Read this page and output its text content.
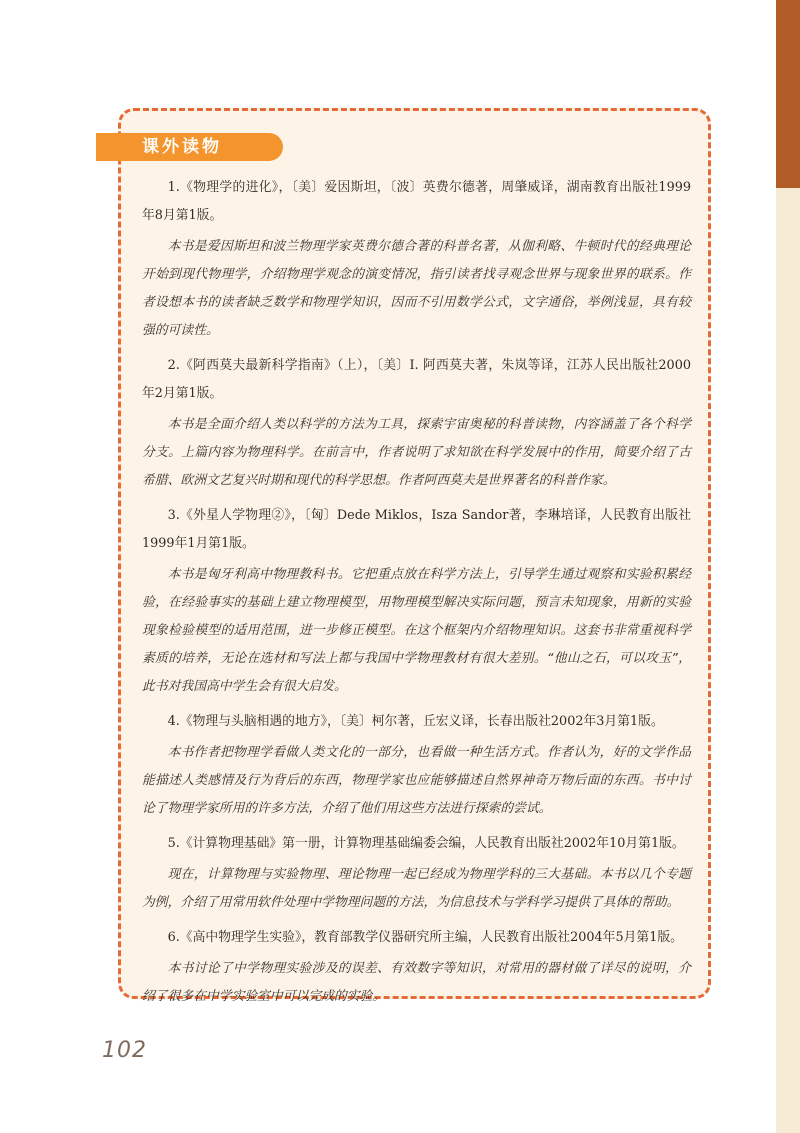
课外读物

1.《物理学的进化》，〔美〕爱因斯坦，〔波〕英费尔德著，周肇威译，湖南教育出版社1999年8月第1版。

本书是爱因斯坦和波兰物理学家英费尔德合著的科普名著，从伽利略、牛顿时代的经典理论开始到现代物理学，介绍物理学观念的演变情况，指引读者找寻观念世界与现象世界的联系。作者设想本书的读者缺乏数学和物理学知识，因而不引用数学公式，文字通俗，举例浅显，具有较强的可读性。

2.《阿西莫夫最新科学指南》（上），〔美〕I. 阿西莫夫著，朱岚等译，江苏人民出版社2000年2月第1版。

本书是全面介绍人类以科学的方法为工具，探索宇宙奥秘的科普读物，内容涵盖了各个科学分支。上篇内容为物理科学。在前言中，作者说明了求知欲在科学发展中的作用，简要介绍了古希腊、欧洲文艺复兴时期和现代的科学思想。作者阿西莫夫是世界著名的科普作家。

3.《外星人学物理②》，〔匈〕Dede Miklos，Isza Sandor著，李琳培译，人民教育出版社1999年1月第1版。

本书是匈牙利高中物理教科书。它把重点放在科学方法上，引导学生通过观察和实验积累经验，在经验事实的基础上建立物理模型，用物理模型解决实际问题，预言未知现象，用新的实验现象检验模型的适用范围，进一步修正模型。在这个框架内介绍物理知识。这套书非常重视科学素质的培养，无论在选材和写法上都与我国中学物理教材有很大差别。“他山之石，可以攻玉”，此书对我国高中学生会有很大启发。

4.《物理与头脑相遇的地方》，〔美〕柯尔著，丘宏义译，长春出版社2002年3月第1版。

本书作者把物理学看做人类文化的一部分，也看做一种生活方式。作者认为，好的文学作品能描述人类感情及行为背后的东西，物理学家也应能够描述自然界神奇万物后面的东西。书中讨论了物理学家所用的许多方法，介绍了他们用这些方法进行探索的尝试。

5.《计算物理基础》第一册，计算物理基础编委会编，人民教育出版社2002年10月第1版。

现在，计算物理与实验物理、理论物理一起已经成为物理学科的三大基础。本书以几个专题为例，介绍了用常用软件处理中学物理问题的方法，为信息技术与学科学习提供了具体的帮助。

6.《高中物理学生实验》，教育部教学仪器研究所主编，人民教育出版社2004年5月第1版。

本书讨论了中学物理实验涉及的误差、有效数字等知识，对常用的器材做了详尽的说明，介绍了很多在中学实验室中可以完成的实验。

102
